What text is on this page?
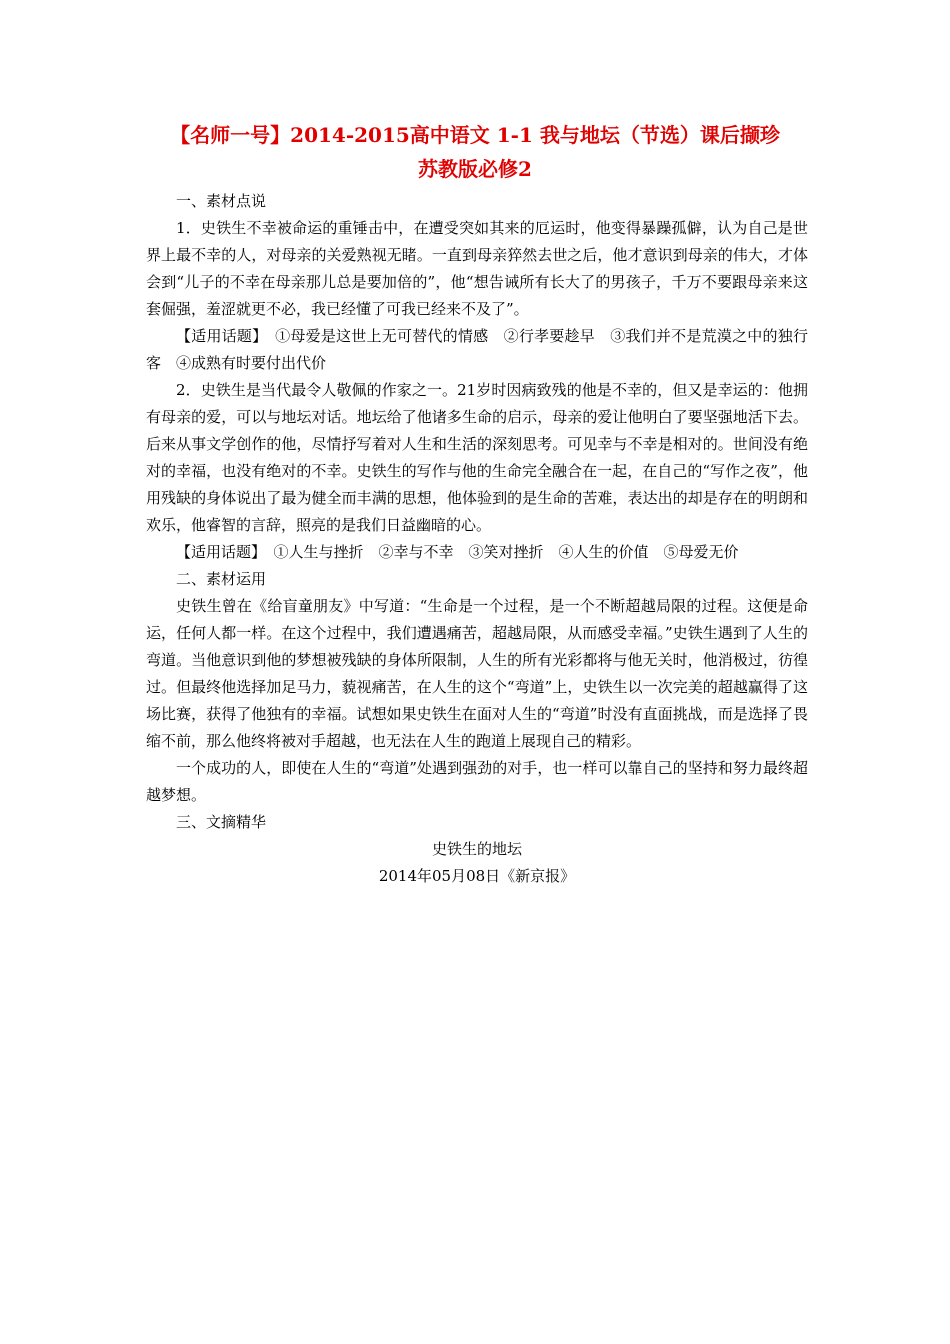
【名师一号】2014-2015高中语文 1-1 我与地坛（节选）课后撷珍
苏教版必修2

一、素材点说

1．史铁生不幸被命运的重锤击中，在遭受突如其来的厄运时，他变得暴躁孤僻，认为自己是世界上最不幸的人，对母亲的关爱熟视无睹。一直到母亲猝然去世之后，他才意识到母亲的伟大，才体会到“儿子的不幸在母亲那儿总是要加倍的”，他“想告诫所有长大了的男孩子，千万不要跟母亲来这套倔强，羞涩就更不必，我已经懂了可我已经来不及了”。

【适用话题】　①母爱是这世上无可替代的情感　②行孝要趁早　③我们并不是荒漠之中的独行客　④成熟有时要付出代价

2．史铁生是当代最令人敬佩的作家之一。21岁时因病致残的他是不幸的，但又是幸运的：他拥有母亲的爱，可以与地坛对话。地坛给了他诸多生命的启示，母亲的爱让他明白了要坚强地活下去。后来从事文学创作的他，尽情抒写着对人生和生活的深刻思考。可见幸与不幸是相对的。世间没有绝对的幸福，也没有绝对的不幸。史铁生的写作与他的生命完全融合在一起，在自己的“写作之夜”，他用残缺的身体说出了最为健全而丰满的思想，他体验到的是生命的苦难，表达出的却是存在的明朗和欢乐，他睿智的言辞，照亮的是我们日益幽暗的心。

【适用话题】　①人生与挫折　②幸与不幸　③笑对挫折　④人生的价值　⑤母爱无价

二、素材运用

史铁生曾在《给盲童朋友》中写道：“生命是一个过程，是一个不断超越局限的过程。这便是命运，任何人都一样。在这个过程中，我们遭遇痛苦，超越局限，从而感受幸福。”史铁生遇到了人生的弯道。当他意识到他的梦想被残缺的身体所限制，人生的所有光彩都将与他无关时，他消极过，彷徨过。但最终他选择加足马力，藐视痛苦，在人生的这个“弯道”上，史铁生以一次完美的超越赢得了这场比赛，获得了他独有的幸福。试想如果史铁生在面对人生的“弯道”时没有直面挑战，而是选择了畏缩不前，那么他终将被对手超越，也无法在人生的跑道上展现自己的精彩。

一个成功的人，即使在人生的“弯道”处遇到强劲的对手，也一样可以靠自己的坚持和努力最终超越梦想。

三、文摘精华

史铁生的地坛

2014年05月08日《新京报》
